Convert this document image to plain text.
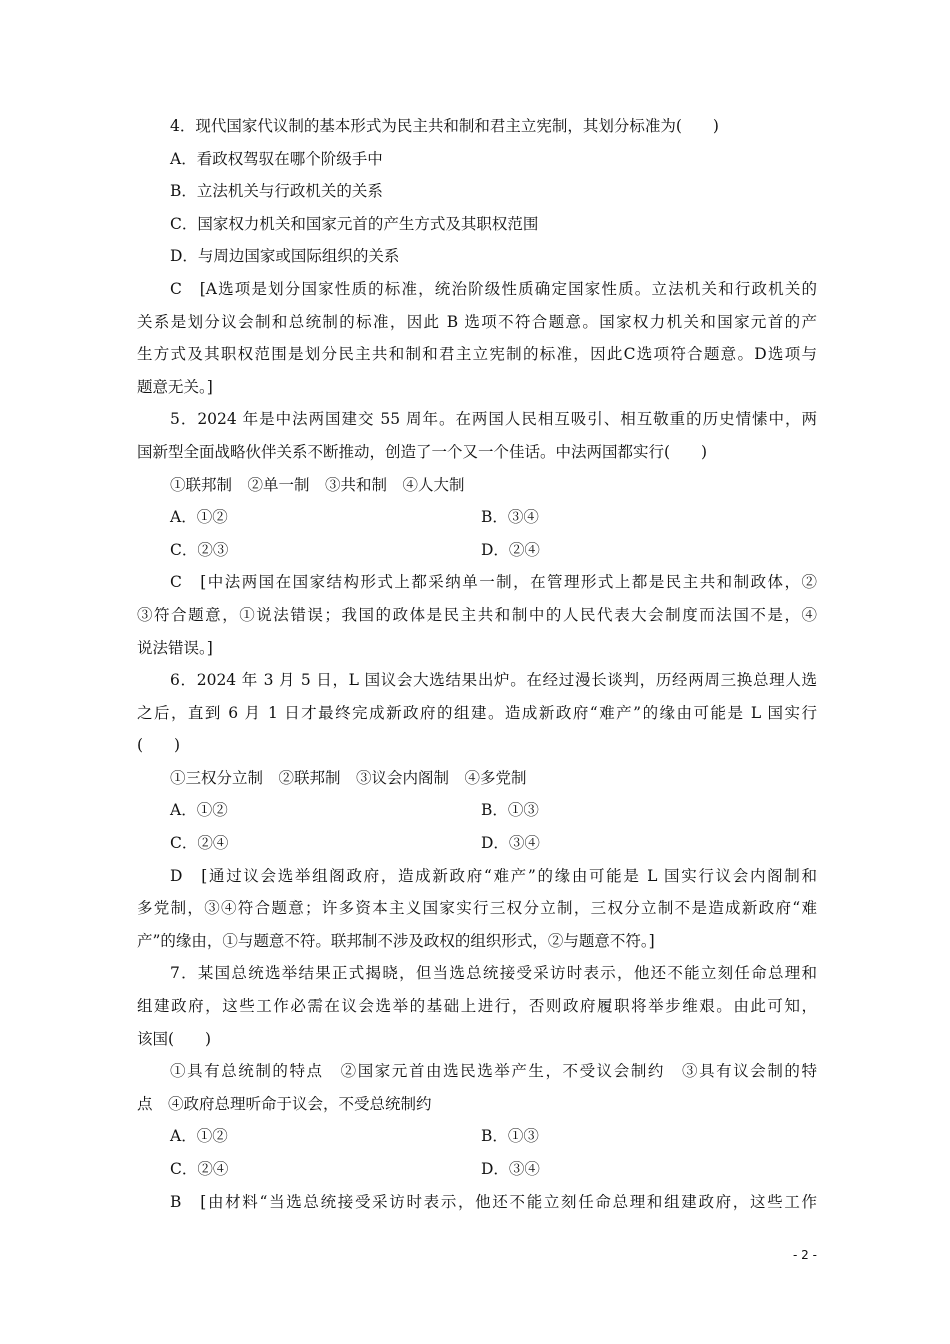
4．现代国家代议制的基本形式为民主共和制和君主立宪制，其划分标准为(　　)
A．看政权驾驭在哪个阶级手中
B．立法机关与行政机关的关系
C．国家权力机关和国家元首的产生方式及其职权范围
D．与周边国家或国际组织的关系
C　[A选项是划分国家性质的标准，统治阶级性质确定国家性质。立法机关和行政机关的
关系是划分议会制和总统制的标准，因此 B 选项不符合题意。国家权力机关和国家元首的产
生方式及其职权范围是划分民主共和制和君主立宪制的标准，因此C选项符合题意。D选项与
题意无关。]
5．2024 年是中法两国建交 55 周年。在两国人民相互吸引、相互敬重的历史情愫中，两
国新型全面战略伙伴关系不断推动，创造了一个又一个佳话。中法两国都实行(　　)
①联邦制　②单一制　③共和制　④人大制
A．①②	B．③④
C．②③	D．②④
C　[中法两国在国家结构形式上都采纳单一制，在管理形式上都是民主共和制政体，②
③符合题意，①说法错误；我国的政体是民主共和制中的人民代表大会制度而法国不是，④
说法错误。]
6．2024 年 3 月 5 日，L 国议会大选结果出炉。在经过漫长谈判，历经两周三换总理人选
之后，直到 6 月 1 日才最终完成新政府的组建。造成新政府“难产”的缘由可能是 L 国实行
(　　)
①三权分立制　②联邦制　③议会内阁制　④多党制
A．①②	B．①③
C．②④	D．③④
D　[通过议会选举组阁政府，造成新政府“难产”的缘由可能是 L 国实行议会内阁制和
多党制，③④符合题意；许多资本主义国家实行三权分立制，三权分立制不是造成新政府“难
产”的缘由，①与题意不符。联邦制不涉及政权的组织形式，②与题意不符。]
7．某国总统选举结果正式揭晓，但当选总统接受采访时表示，他还不能立刻任命总理和
组建政府，这些工作必需在议会选举的基础上进行，否则政府履职将举步维艰。由此可知，
该国(　　)
①具有总统制的特点　②国家元首由选民选举产生，不受议会制约　③具有议会制的特
点　④政府总理听命于议会，不受总统制约
A．①②	B．①③
C．②④	D．③④
B　[由材料“当选总统接受采访时表示，他还不能立刻任命总理和组建政府，这些工作
- 2 -
